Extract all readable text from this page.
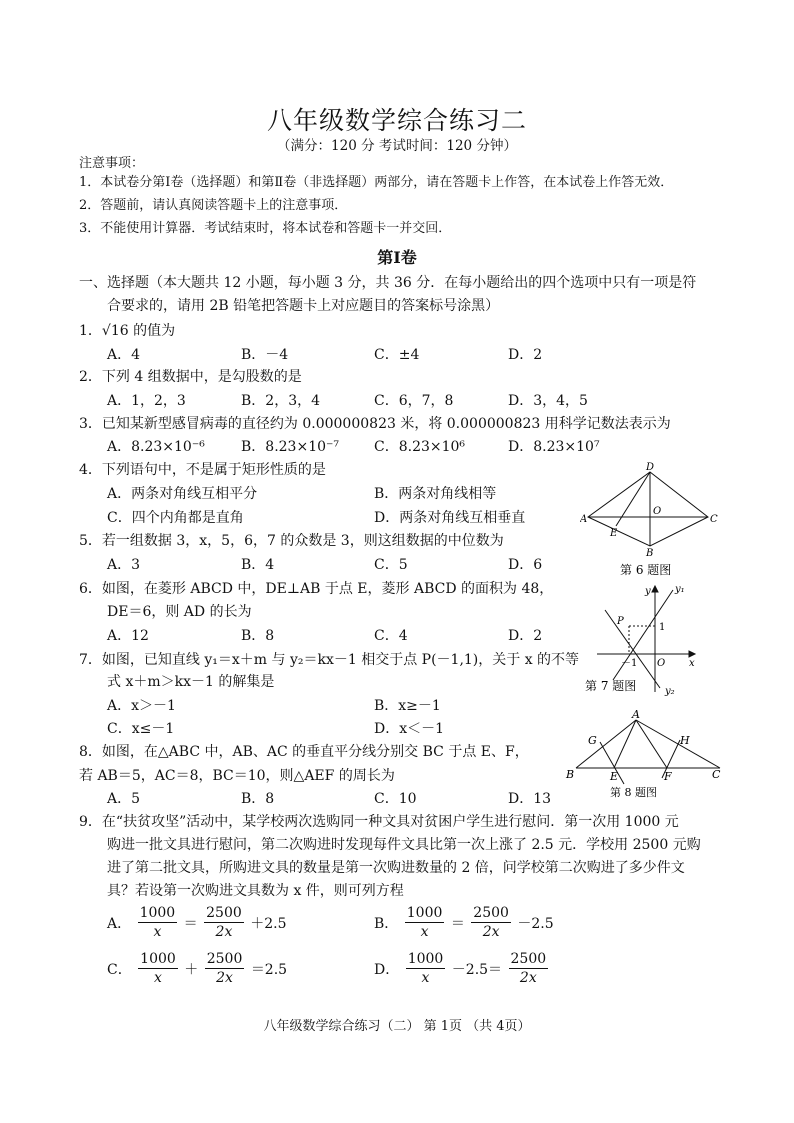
八年级数学综合练习二
（满分：120 分 考试时间：120 分钟）
注意事项：
1．本试卷分第Ⅰ卷（选择题）和第Ⅱ卷（非选择题）两部分，请在答题卡上作答，在本试卷上作答无效．
2．答题前，请认真阅读答题卡上的注意事项．
3．不能使用计算器．考试结束时，将本试卷和答题卡一并交回．
第Ⅰ卷
一、选择题（本大题共 12 小题，每小题 3 分，共 36 分．在每小题给出的四个选项中只有一项是符
合要求的，请用 2B 铅笔把答题卡上对应题目的答案标号涂黑）
1．√16 的值为
A．4	B．－4	C．±4	D．2
2．下列 4 组数据中，是勾股数的是
A．1，2，3	B．2，3，4	C．6，7，8	D．3，4，5
3．已知某新型感冒病毒的直径约为 0.000000823 米，将 0.000000823 用科学记数法表示为
A．8.23×10⁻⁶	B．8.23×10⁻⁷ C．8.23×10⁶	D．8.23×10⁷
4．下列语句中，不是属于矩形性质的是
A．两条对角线互相平分	B．两条对角线相等
C．四个内角都是直角	D．两条对角线互相垂直
5．若一组数据 3，x，5，6，7 的众数是 3，则这组数据的中位数为
A．3	B．4	C．5	D．6
6．如图，在菱形 ABCD 中，DE⊥AB 于点 E，菱形 ABCD 的面积为 48，
DE＝6，则 AD 的长为
A．12	B．8	C．4	D．2
7．如图，已知直线 y₁＝x＋m 与 y₂＝kx－1 相交于点 P(－1,1)，关于 x 的不等
式 x＋m＞kx－1 的解集是
A．x＞－1	B．x≥－1
C．x≤－1	D．x＜－1
8．如图，在△ABC 中，AB、AC 的垂直平分线分别交 BC 于点 E、F，
若 AB＝5，AC＝8，BC＝10，则△AEF 的周长为
A．5	B．8	C．10	D．13
9．在“扶贫攻坚”活动中，某学校两次选购同一种文具对贫困户学生进行慰问．第一次用 1000 元
购进一批文具进行慰问，第二次购进时发现每件文具比第一次上涨了 2.5 元．学校用 2500 元购
进了第二批文具，所购进文具的数量是第一次购进数量的 2 倍，问学校第二次购进了多少件文
具？若设第一次购进文具数为 x 件，则可列方程
A． $\frac{1000}{x} = \frac{2500}{2x} +2.5$	B． $\frac{1000}{x} = \frac{2500}{2x} -2.5$
C． $\frac{1000}{x} + \frac{2500}{2x} =2.5$	D． $\frac{1000}{x} -2.5= \frac{2500}{2x}$
D
A
O
C
E
B
第 6 题图
y y₁
P
1
－1 O x
y₂
第 7 题图
A
G	H
B	E	F	C
第 8 题图
八年级数学综合练习（二） 第 1页 （共 4页）
